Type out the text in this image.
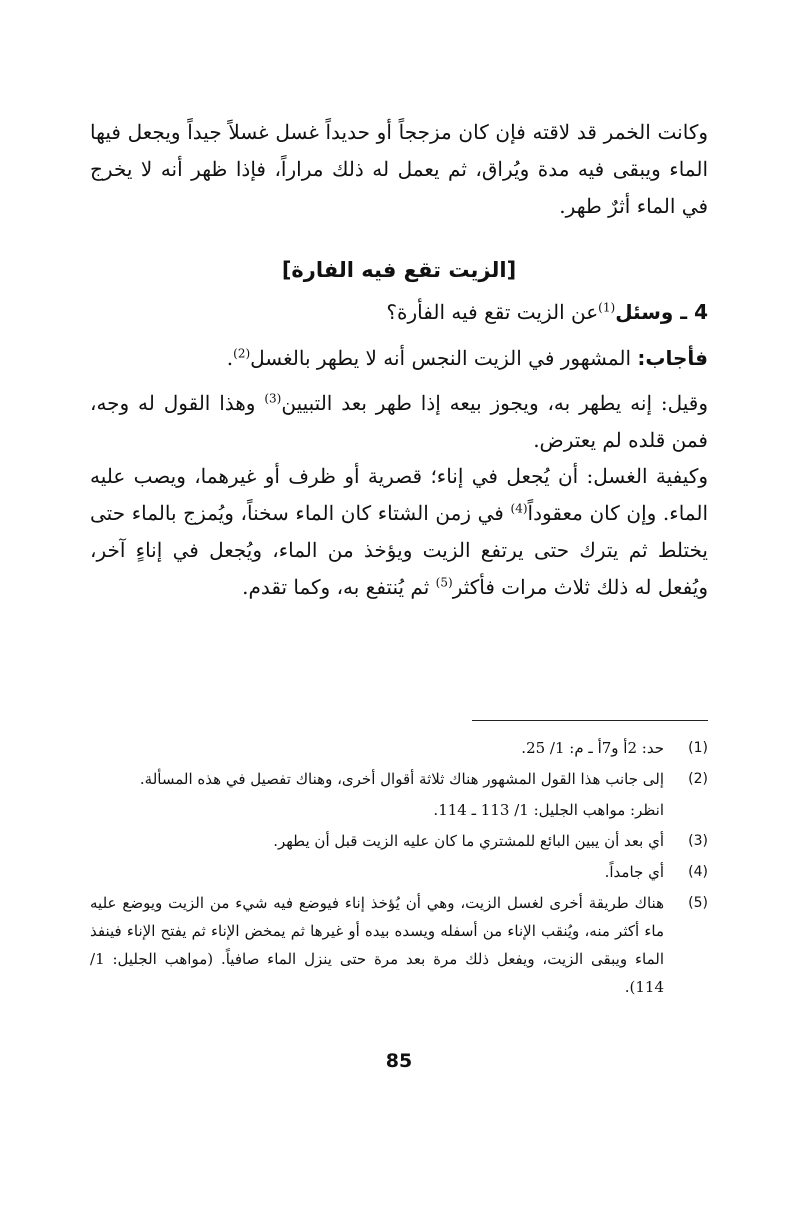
وكانت الخمر قد لاقته فإن كان مزججاً أو حديداً غسل غسلاً جيداً ويجعل فيها الماء ويبقى فيه مدة ويُراق، ثم يعمل له ذلك مراراً، فإذا ظهر أنه لا يخرج في الماء أثرٌ طهر.

[الزيت تقع فيه الفارة]

4 ـ وسئل$^{(1)}$عن الزيت تقع فيه الفأرة؟

فأجاب: المشهور في الزيت النجس أنه لا يطهر بالغسل$^{(2)}$.

وقيل: إنه يطهر به، ويجوز بيعه إذا طهر بعد التبيين$^{(3)}$ وهذا القول له وجه، فمن قلده لم يعترض.

وكيفية الغسل: أن يُجعل في إناء؛ قصرية أو ظرف أو غيرهما، ويصب عليه الماء. وإن كان معقوداً$^{(4)}$ في زمن الشتاء كان الماء سخناً، ويُمزج بالماء حتى يختلط ثم يترك حتى يرتفع الزيت ويؤخذ من الماء، ويُجعل في إناءٍ آخر، ويُفعل له ذلك ثلاث مرات فأكثر$^{(5)}$ ثم يُنتفع به، وكما تقدم.

(1)
حد: 2أ و7أ ـ م: 1/ 25.
(2)
إلى جانب هذا القول المشهور هناك ثلاثة أقوال أخرى، وهناك تفصيل في هذه المسألة.
انظر: مواهب الجليل: 1/ 113 ـ 114.
(3)
أي بعد أن يبين البائع للمشتري ما كان عليه الزيت قبل أن يطهر.
(4)
أي جامداً.
(5)
هناك طريقة أخرى لغسل الزيت، وهي أن يُؤخذ إناء فيوضع فيه شيء من الزيت ويوضع عليه ماء أكثر منه، ويُنقب الإناء من أسفله ويسده بيده أو غيرها ثم يمخض الإناء ثم يفتح الإناء فينفذ الماء ويبقى الزيت، ويفعل ذلك مرة بعد مرة حتى ينزل الماء صافياً. (مواهب الجليل: 1/ 114).
85
